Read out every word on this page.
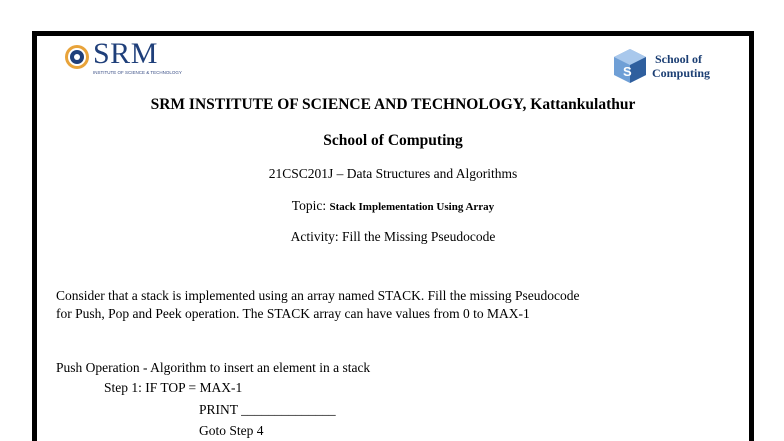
SRM
INSTITUTE OF SCIENCE & TECHNOLOGY	S
School of
Computing
SRM INSTITUTE OF SCIENCE AND TECHNOLOGY, Kattankulathur
School of Computing
21CSC201J – Data Structures and Algorithms
Topic: Stack Implementation Using Array
Activity: Fill the Missing Pseudocode
Consider that a stack is implemented using an array named STACK. Fill the missing Pseudocode
for Push, Pop and Peek operation. The STACK array can have values from 0 to MAX-1
Push Operation - Algorithm to insert an element in a stack
Step 1: IF TOP = MAX-1
PRINT ______________
Goto Step 4
